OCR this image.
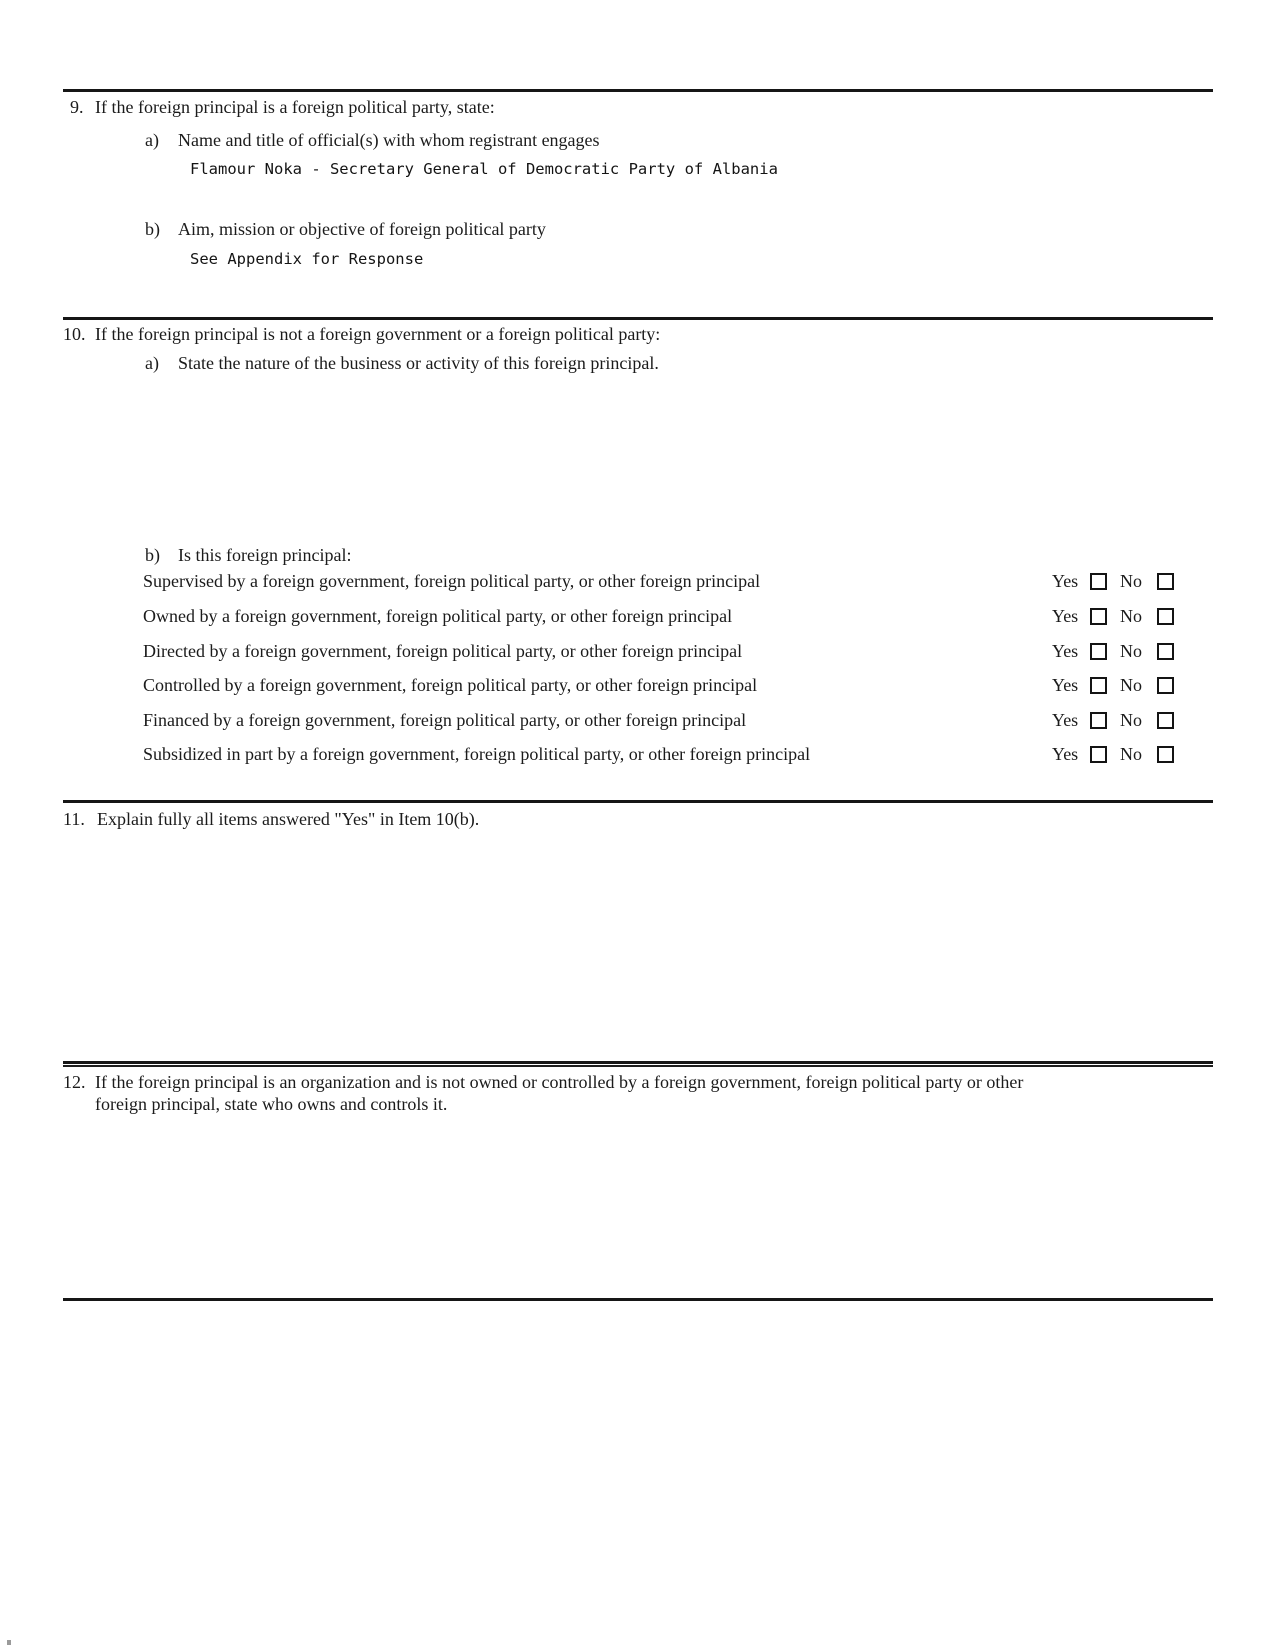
9. If the foreign principal is a foreign political party, state:
a) Name and title of official(s) with whom registrant engages
Flamour Noka - Secretary General of Democratic Party of Albania
b) Aim, mission or objective of foreign political party
See Appendix for Response
10. If the foreign principal is not a foreign government or a foreign political party:
a) State the nature of the business or activity of this foreign principal.
b) Is this foreign principal:
Supervised by a foreign government, foreign political party, or other foreign principal	Yes No
Owned by a foreign government, foreign political party, or other foreign principal	Yes No
Directed by a foreign government, foreign political party, or other foreign principal	Yes No
Controlled by a foreign government, foreign political party, or other foreign principal	Yes No
Financed by a foreign government, foreign political party, or other foreign principal	Yes No
Subsidized in part by a foreign government, foreign political party, or other foreign principal	Yes No
11. Explain fully all items answered "Yes" in Item 10(b).
12. If the foreign principal is an organization and is not owned or controlled by a foreign government, foreign political party or other
foreign principal, state who owns and controls it.
